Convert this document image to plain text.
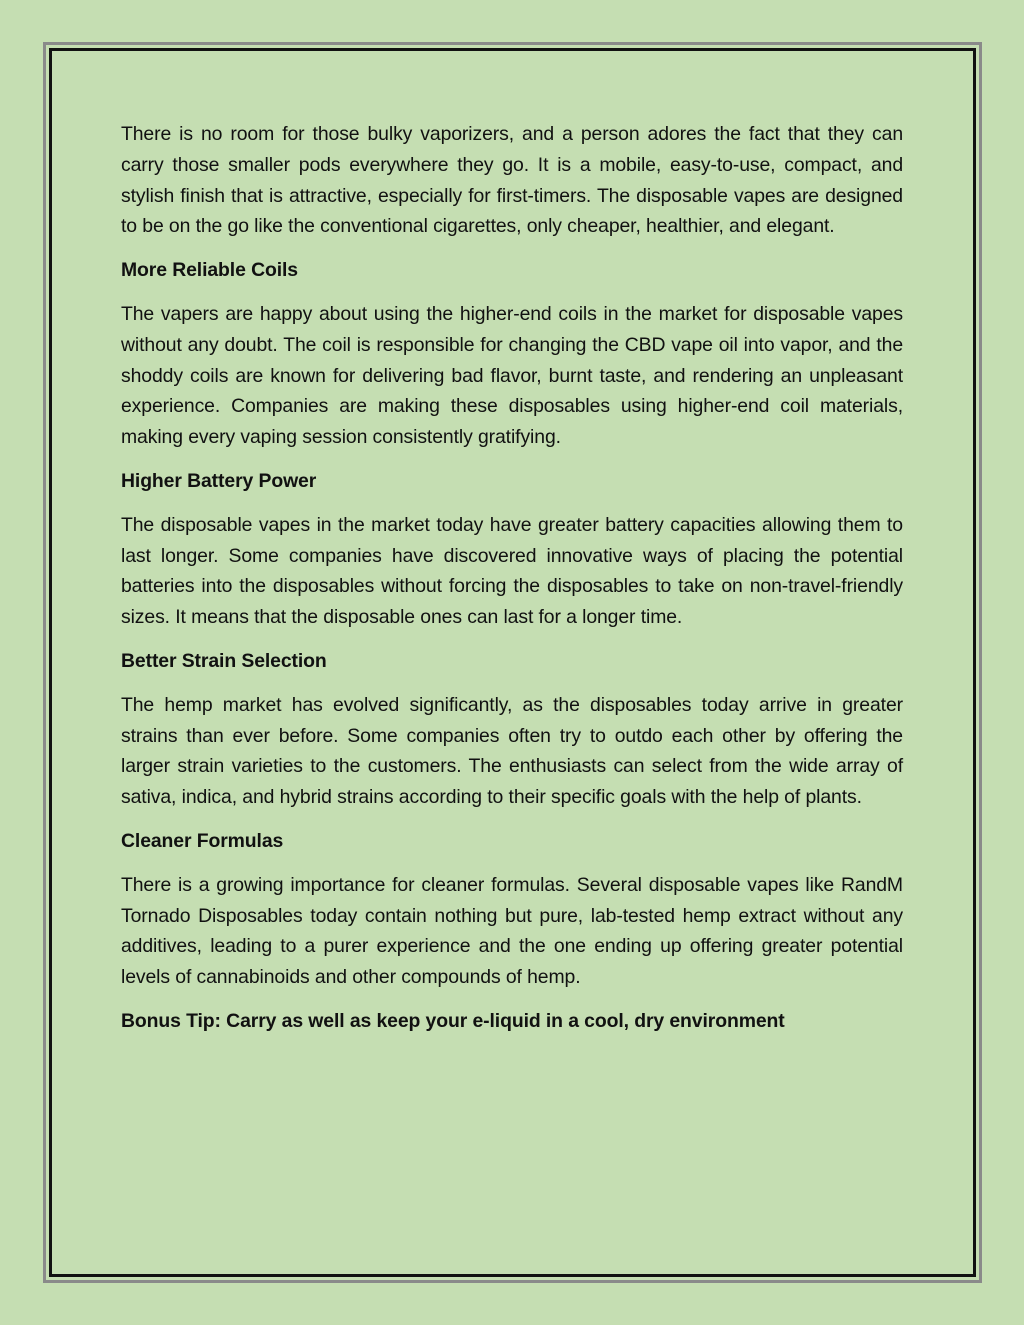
There is no room for those bulky vaporizers, and a person adores the fact that they can carry those smaller pods everywhere they go. It is a mobile, easy-to-use, compact, and stylish finish that is attractive, especially for first-timers. The disposable vapes are designed to be on the go like the conventional cigarettes, only cheaper, healthier, and elegant.

More Reliable Coils

The vapers are happy about using the higher-end coils in the market for disposable vapes without any doubt. The coil is responsible for changing the CBD vape oil into vapor, and the shoddy coils are known for delivering bad flavor, burnt taste, and rendering an unpleasant experience. Companies are making these disposables using higher-end coil materials, making every vaping session consistently gratifying.

Higher Battery Power

The disposable vapes in the market today have greater battery capacities allowing them to last longer. Some companies have discovered innovative ways of placing the potential batteries into the disposables without forcing the disposables to take on non-travel-friendly sizes. It means that the disposable ones can last for a longer time.

Better Strain Selection

The hemp market has evolved significantly, as the disposables today arrive in greater strains than ever before. Some companies often try to outdo each other by offering the larger strain varieties to the customers. The enthusiasts can select from the wide array of sativa, indica, and hybrid strains according to their specific goals with the help of plants.

Cleaner Formulas

There is a growing importance for cleaner formulas. Several disposable vapes like RandM Tornado Disposables today contain nothing but pure, lab-tested hemp extract without any additives, leading to a purer experience and the one ending up offering greater potential levels of cannabinoids and other compounds of hemp.

Bonus Tip: Carry as well as keep your e-liquid in a cool, dry environment
